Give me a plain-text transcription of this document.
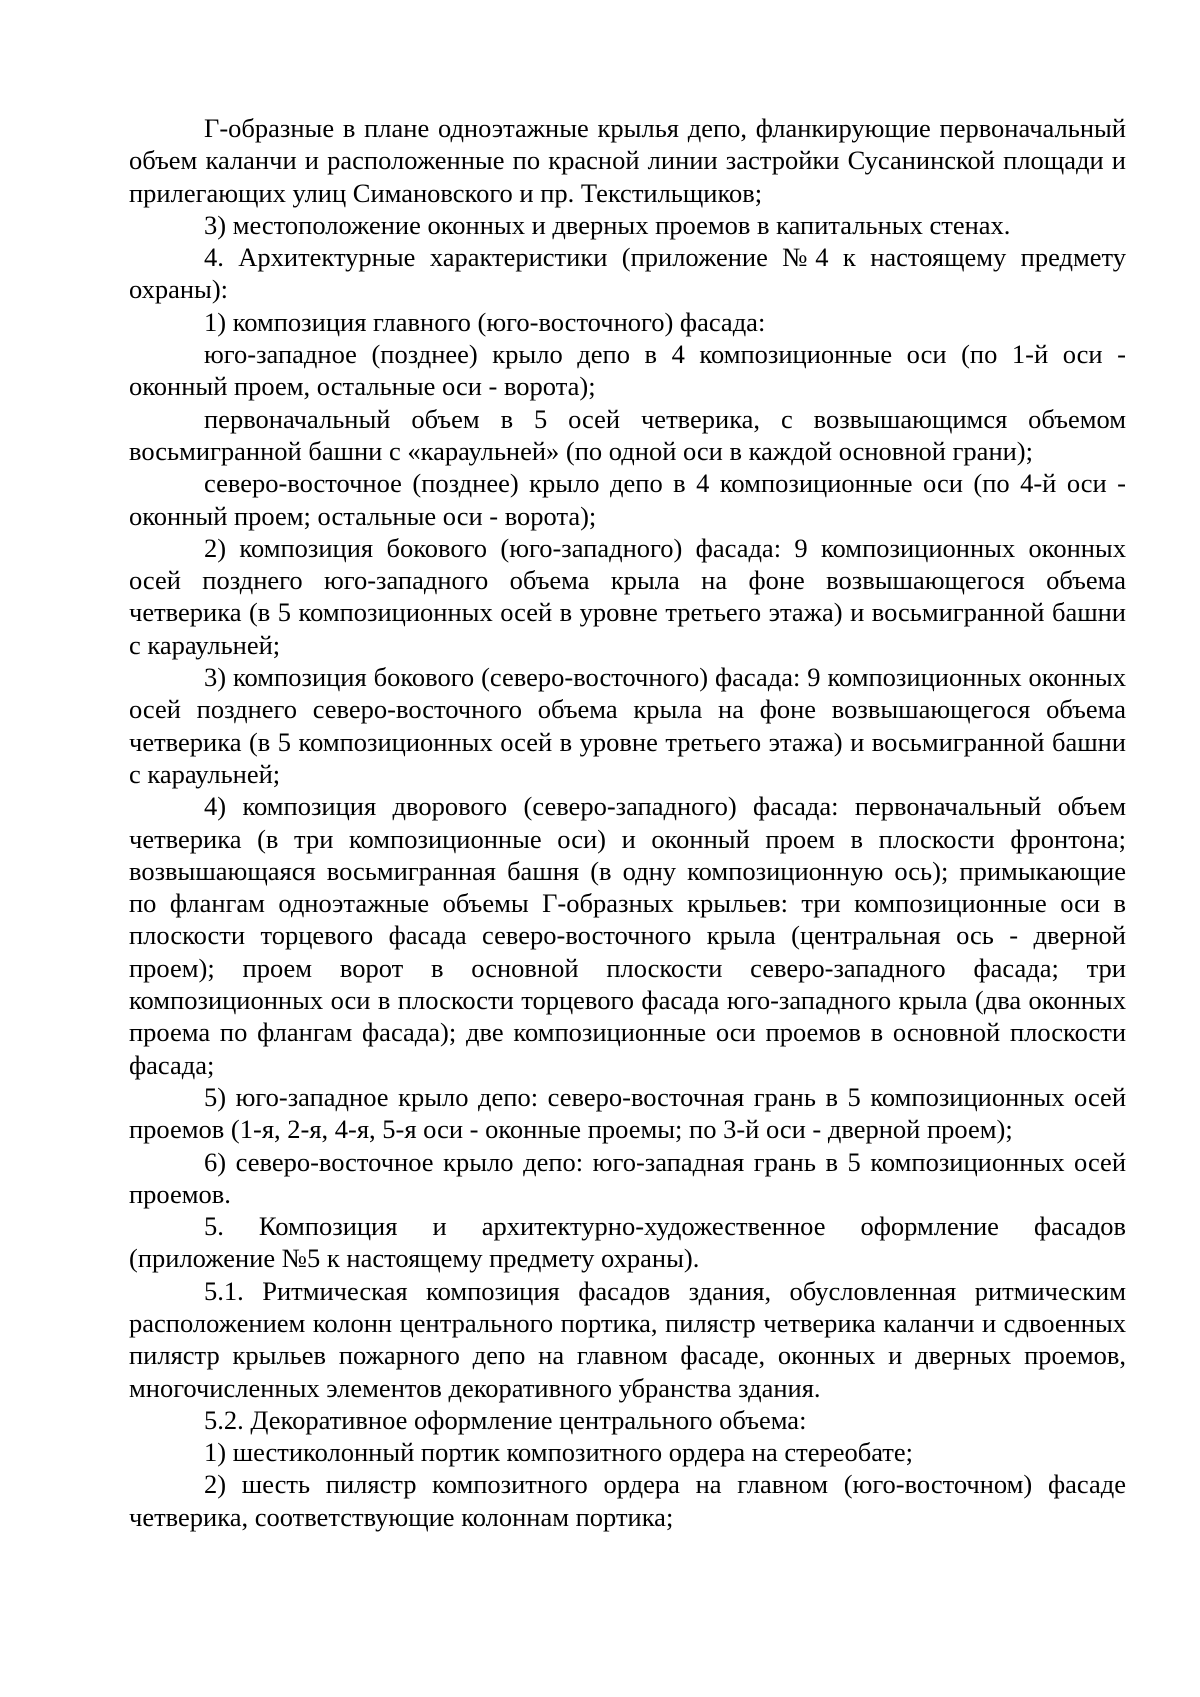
Г-образные в плане одноэтажные крылья депо, фланкирующие первоначальный объем каланчи и расположенные по красной линии застройки Сусанинской площади и прилегающих улиц Симановского и пр. Текстильщиков;

3) местоположение оконных и дверных проемов в капитальных стенах.

4. Архитектурные характеристики (приложение №4 к настоящему предмету охраны):

1) композиция главного (юго-восточного) фасада:

юго-западное (позднее) крыло депо в 4 композиционные оси (по 1-й оси - оконный проем, остальные оси - ворота);

первоначальный объем в 5 осей четверика, с возвышающимся объемом восьмигранной башни с «караульней» (по одной оси в каждой основной грани);

северо-восточное (позднее) крыло депо в 4 композиционные оси (по 4-й оси - оконный проем; остальные оси - ворота);

2) композиция бокового (юго-западного) фасада: 9 композиционных оконных осей позднего юго-западного объема крыла на фоне возвышающегося объема четверика (в 5 композиционных осей в уровне третьего этажа) и восьмигранной башни с караульней;

3) композиция бокового (северо-восточного) фасада: 9 композиционных оконных осей позднего северо-восточного объема крыла на фоне возвышающегося объема четверика (в 5 композиционных осей в уровне третьего этажа) и восьмигранной башни с караульней;

4) композиция дворового (северо-западного) фасада: первоначальный объем четверика (в три композиционные оси) и оконный проем в плоскости фронтона; возвышающаяся восьмигранная башня (в одну композиционную ось); примыкающие по флангам одноэтажные объемы Г-образных крыльев: три композиционные оси в плоскости торцевого фасада северо-восточного крыла (центральная ось - дверной проем); проем ворот в основной плоскости северо-западного фасада; три композиционных оси в плоскости торцевого фасада юго-западного крыла (два оконных проема по флангам фасада); две композиционные оси проемов в основной плоскости фасада;

5) юго-западное крыло депо: северо-восточная грань в 5 композиционных осей проемов (1-я, 2-я, 4-я, 5-я оси - оконные проемы; по 3-й оси - дверной проем);

6) северо-восточное крыло депо: юго-западная грань в 5 композиционных осей проемов.

5. Композиция и архитектурно-художественное оформление фасадов (приложение №5 к настоящему предмету охраны).

5.1. Ритмическая композиция фасадов здания, обусловленная ритмическим расположением колонн центрального портика, пилястр четверика каланчи и сдвоенных пилястр крыльев пожарного депо на главном фасаде, оконных и дверных проемов, многочисленных элементов декоративного убранства здания.

5.2. Декоративное оформление центрального объема:

1) шестиколонный портик композитного ордера на стереобате;

2) шесть пилястр композитного ордера на главном (юго-восточном) фасаде четверика, соответствующие колоннам портика;
